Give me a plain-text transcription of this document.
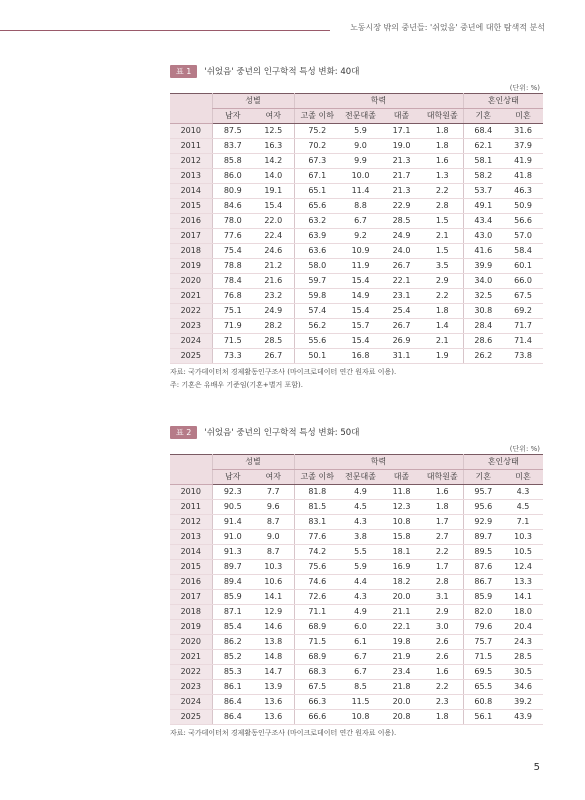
노동시장 밖의 중년들: '쉬었음' 중년에 대한 탐색적 분석
표 1	'쉬었음' 중년의 인구학적 특성 변화: 40대
(단위: %)
	성별		학력				혼인상태	
	남자	여자	고졸 이하	전문대졸	대졸	대학원졸	기혼	미혼
2010	87.5	12.5	75.2	5.9	17.1	1.8	68.4	31.6
2011	83.7	16.3	70.2	9.0	19.0	1.8	62.1	37.9
2012	85.8	14.2	67.3	9.9	21.3	1.6	58.1	41.9
2013	86.0	14.0	67.1	10.0	21.7	1.3	58.2	41.8
2014	80.9	19.1	65.1	11.4	21.3	2.2	53.7	46.3
2015	84.6	15.4	65.6	8.8	22.9	2.8	49.1	50.9
2016	78.0	22.0	63.2	6.7	28.5	1.5	43.4	56.6
2017	77.6	22.4	63.9	9.2	24.9	2.1	43.0	57.0
2018	75.4	24.6	63.6	10.9	24.0	1.5	41.6	58.4
2019	78.8	21.2	58.0	11.9	26.7	3.5	39.9	60.1
2020	78.4	21.6	59.7	15.4	22.1	2.9	34.0	66.0
2021	76.8	23.2	59.8	14.9	23.1	2.2	32.5	67.5
2022	75.1	24.9	57.4	15.4	25.4	1.8	30.8	69.2
2023	71.9	28.2	56.2	15.7	26.7	1.4	28.4	71.7
2024	71.5	28.5	55.6	15.4	26.9	2.1	28.6	71.4
2025	73.3	26.7	50.1	16.8	31.1	1.9	26.2	73.8
자료: 국가데이터처 경제활동인구조사 (마이크로데이터 연간 원자료 이용).
주: 기혼은 유배우 기준임(기혼+별거 포함).
표 2	'쉬었음' 중년의 인구학적 특성 변화: 50대
(단위: %)
	성별		학력				혼인상태	
	남자	여자	고졸 이하	전문대졸	대졸	대학원졸	기혼	미혼
2010	92.3	7.7	81.8	4.9	11.8	1.6	95.7	4.3
2011	90.5	9.6	81.5	4.5	12.3	1.8	95.6	4.5
2012	91.4	8.7	83.1	4.3	10.8	1.7	92.9	7.1
2013	91.0	9.0	77.6	3.8	15.8	2.7	89.7	10.3
2014	91.3	8.7	74.2	5.5	18.1	2.2	89.5	10.5
2015	89.7	10.3	75.6	5.9	16.9	1.7	87.6	12.4
2016	89.4	10.6	74.6	4.4	18.2	2.8	86.7	13.3
2017	85.9	14.1	72.6	4.3	20.0	3.1	85.9	14.1
2018	87.1	12.9	71.1	4.9	21.1	2.9	82.0	18.0
2019	85.4	14.6	68.9	6.0	22.1	3.0	79.6	20.4
2020	86.2	13.8	71.5	6.1	19.8	2.6	75.7	24.3
2021	85.2	14.8	68.9	6.7	21.9	2.6	71.5	28.5
2022	85.3	14.7	68.3	6.7	23.4	1.6	69.5	30.5
2023	86.1	13.9	67.5	8.5	21.8	2.2	65.5	34.6
2024	86.4	13.6	66.3	11.5	20.0	2.3	60.8	39.2
2025	86.4	13.6	66.6	10.8	20.8	1.8	56.1	43.9
자료: 국가데이터처 경제활동인구조사 (마이크로데이터 연간 원자료 이용).
5
